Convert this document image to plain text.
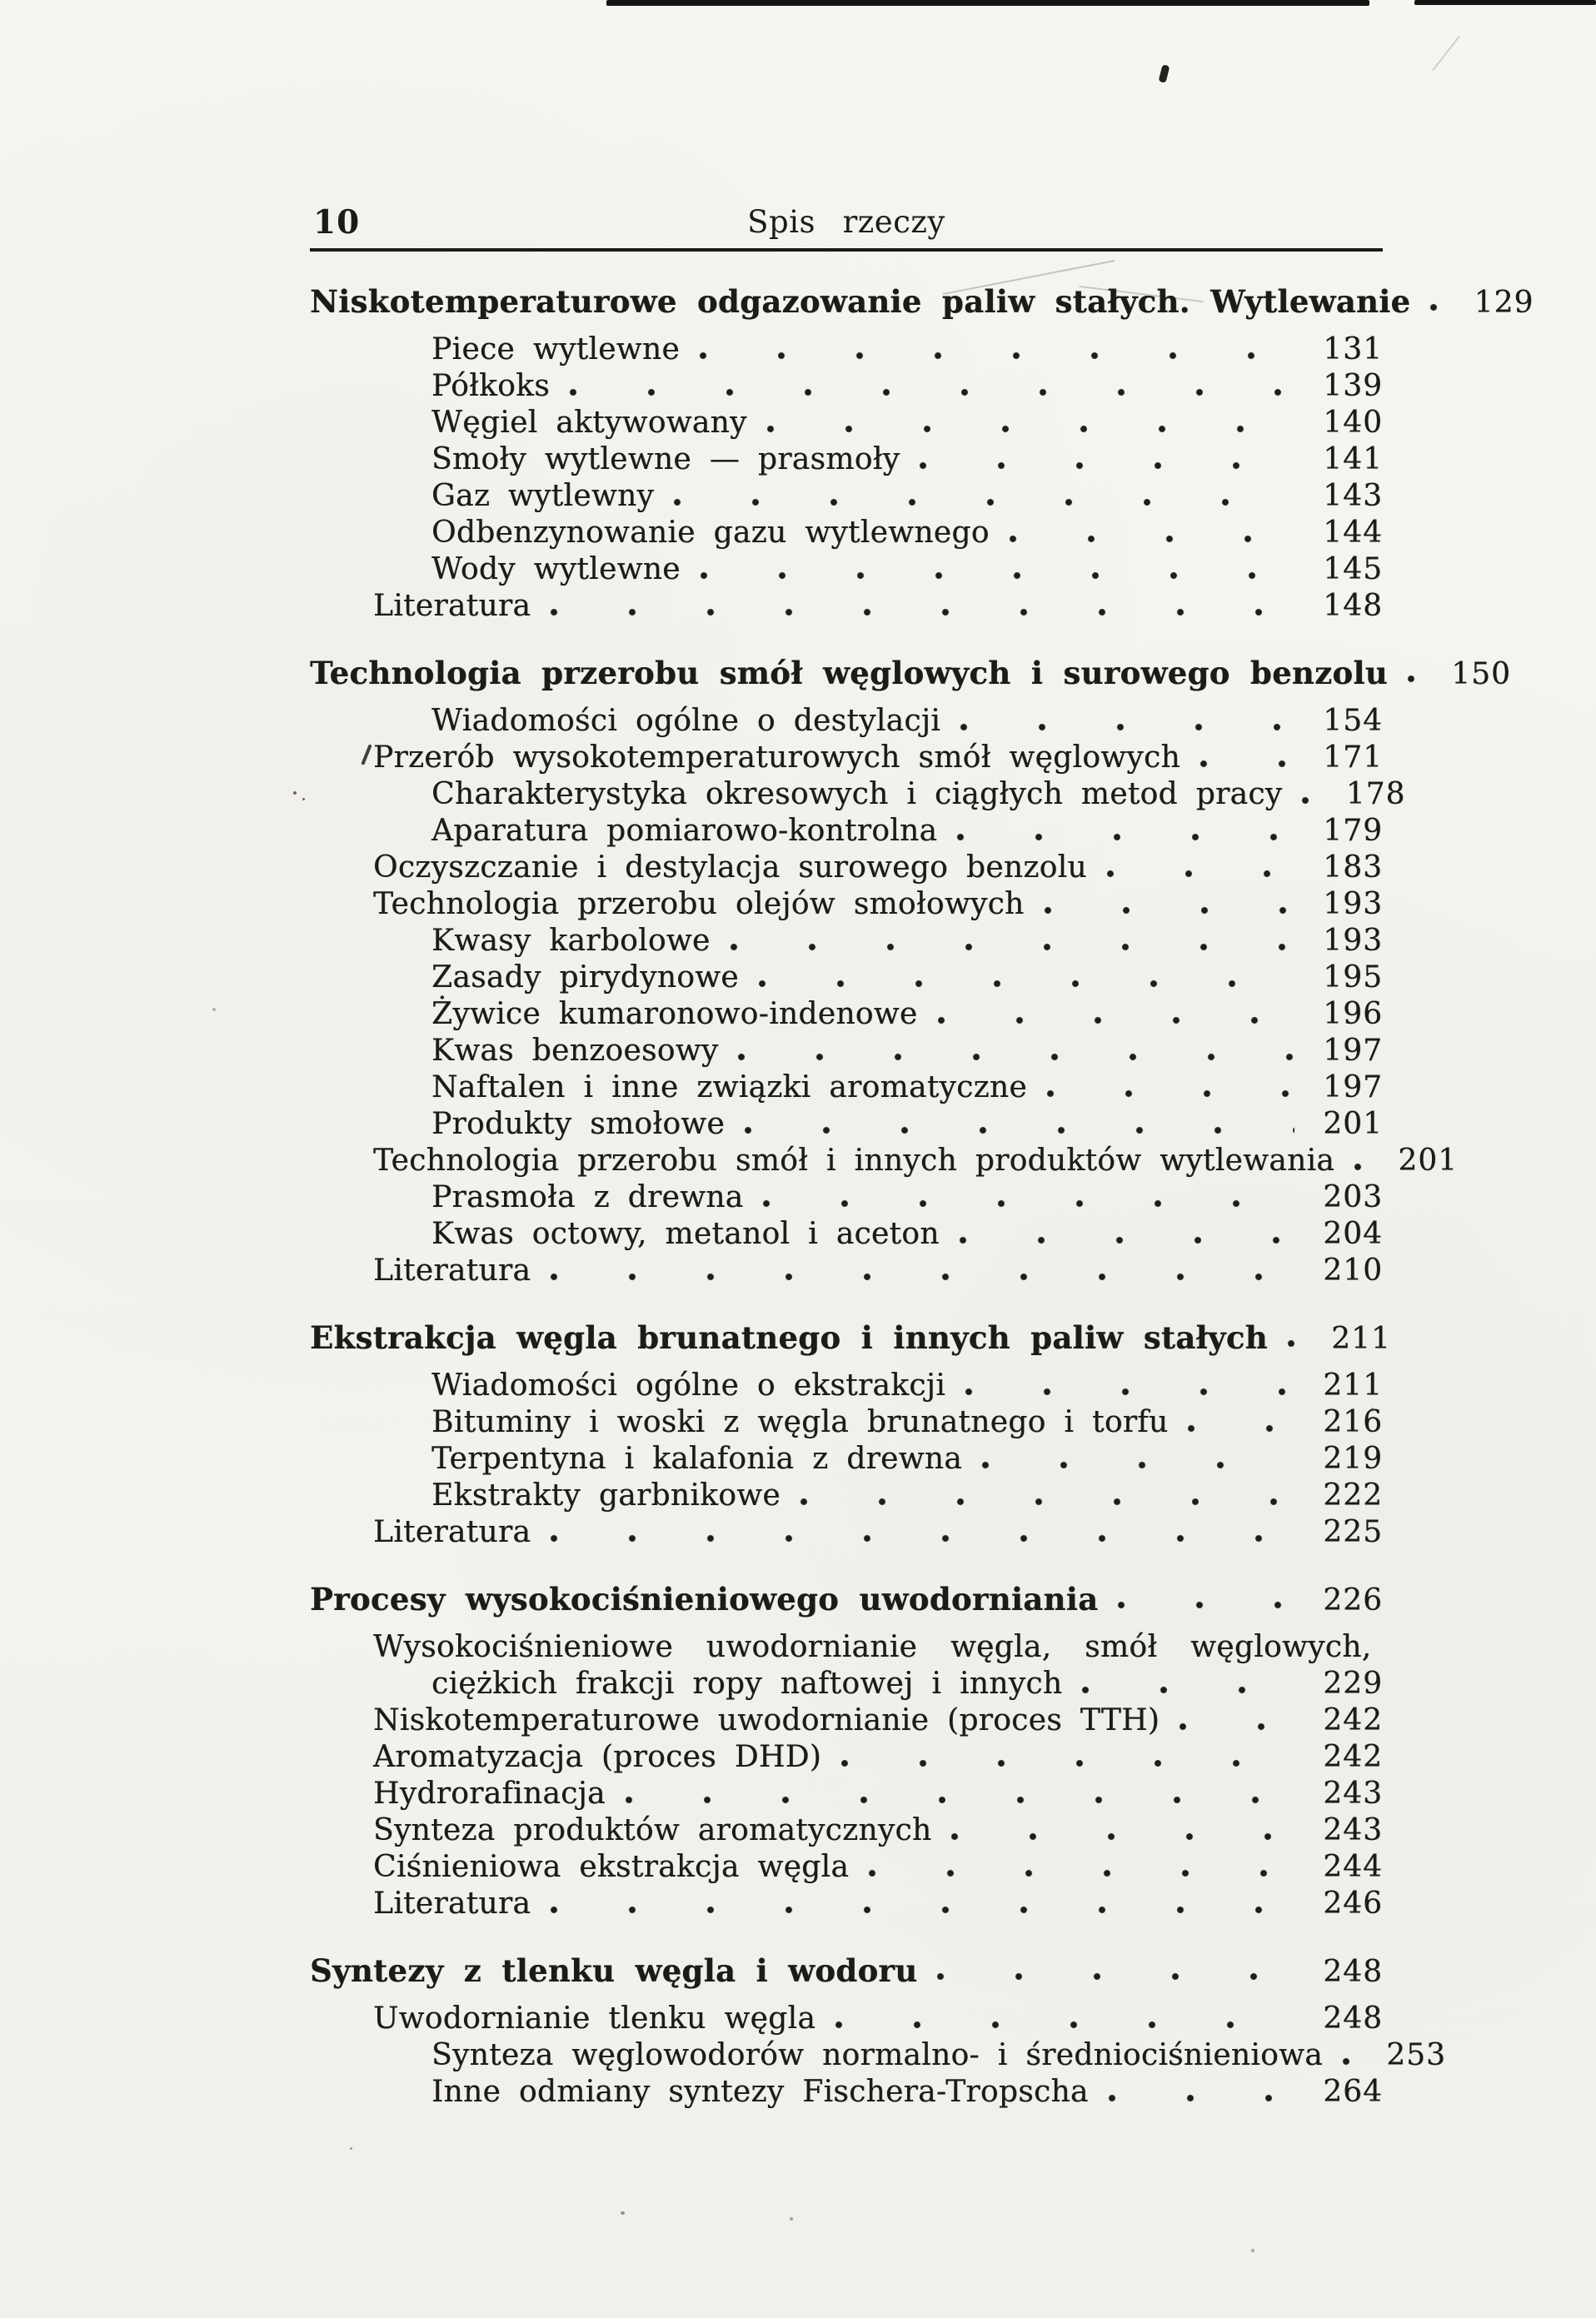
10	Spis rzeczy
Niskotemperaturowe odgazowanie paliw stałych. Wytlewanie	129
Piece wytlewne	131
Półkoks	139
Węgiel aktywowany	140
Smoły wytlewne — prasmoły	141
Gaz wytlewny	143
Odbenzynowanie gazu wytlewnego	144
Wody wytlewne	145
Literatura	148
Technologia przerobu smół węglowych i surowego benzolu	150
Wiadomości ogólne o destylacji	154
Przerób wysokotemperaturowych smół węglowych	171
Charakterystyka okresowych i ciągłych metod pracy	178
Aparatura pomiarowo-kontrolna	179
Oczyszczanie i destylacja surowego benzolu	183
Technologia przerobu olejów smołowych	193
Kwasy karbolowe	193
Zasady pirydynowe	195
Żywice kumaronowo-indenowe	196
Kwas benzoesowy	197
Naftalen i inne związki aromatyczne	197
Produkty smołowe	201
Technologia przerobu smół i innych produktów wytlewania	201
Prasmoła z drewna	203
Kwas octowy, metanol i aceton	204
Literatura	210
Ekstrakcja węgla brunatnego i innych paliw stałych	211
Wiadomości ogólne o ekstrakcji	211
Bituminy i woski z węgla brunatnego i torfu	216
Terpentyna i kalafonia z drewna	219
Ekstrakty garbnikowe	222
Literatura	225
Procesy wysokociśnieniowego uwodorniania	226
Wysokociśnieniowe uwodornianie węgla, smół węglowych,
ciężkich frakcji ropy naftowej i innych	229
Niskotemperaturowe uwodornianie (proces TTH)	242
Aromatyzacja (proces DHD)	242
Hydrorafinacja	243
Synteza produktów aromatycznych	243
Ciśnieniowa ekstrakcja węgla	244
Literatura	246
Syntezy z tlenku węgla i wodoru	248
Uwodornianie tlenku węgla	248
Synteza węglowodorów normalno- i średniociśnieniowa	253
Inne odmiany syntezy Fischera-Tropscha	264
